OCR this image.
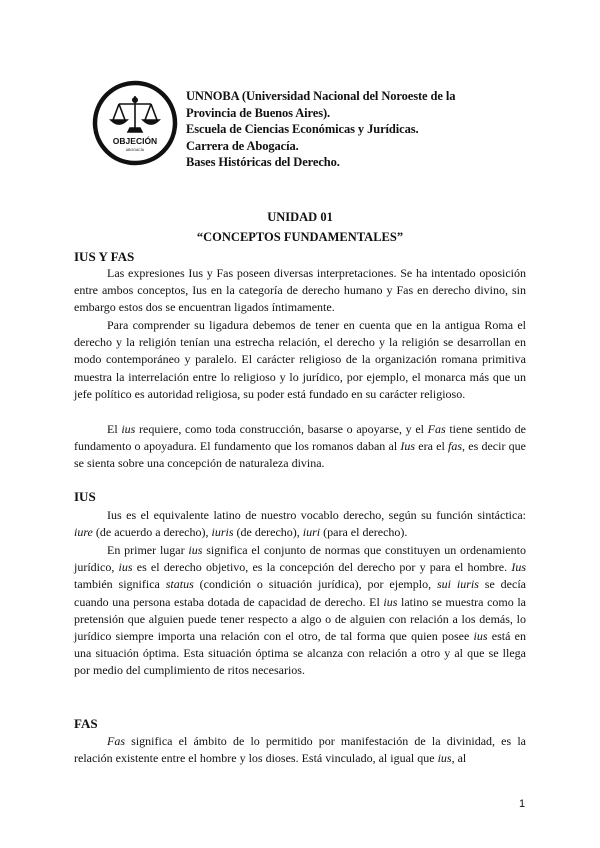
OBJECIÓN
ABOGACÍA
UNNOBA (Universidad Nacional del Noroeste de la
Provincia de Buenos Aires).
Escuela de Ciencias Económicas y Jurídicas.
Carrera de Abogacía.
Bases Históricas del Derecho.
UNIDAD 01
“CONCEPTOS FUNDAMENTALES”
IUS Y FAS
Las expresiones Ius y Fas poseen diversas interpretaciones. Se ha intentado oposición entre ambos conceptos, Ius en la categoría de derecho humano y Fas en derecho divino, sin embargo estos dos se encuentran ligados íntimamente.
Para comprender su ligadura debemos de tener en cuenta que en la antigua Roma el derecho y la religión tenían una estrecha relación, el derecho y la religión se desarrollan en modo contemporáneo y paralelo. El carácter religioso de la organización romana primitiva muestra la interrelación entre lo religioso y lo jurídico, por ejemplo, el monarca más que un jefe político es autoridad religiosa, su poder está fundado en su carácter religioso.
El ius requiere, como toda construcción, basarse o apoyarse, y el Fas tiene sentido de fundamento o apoyadura. El fundamento que los romanos daban al Ius era el fas, es decir que se sienta sobre una concepción de naturaleza divina.
IUS
Ius es el equivalente latino de nuestro vocablo derecho, según su función sintáctica: iure (de acuerdo a derecho), iuris (de derecho), iuri (para el derecho).
En primer lugar ius significa el conjunto de normas que constituyen un ordenamiento jurídico, ius es el derecho objetivo, es la concepción del derecho por y para el hombre. Ius también significa status (condición o situación jurídica), por ejemplo, sui iuris se decía cuando una persona estaba dotada de capacidad de derecho. El ius latino se muestra como la pretensión que alguien puede tener respecto a algo o de alguien con relación a los demás, lo jurídico siempre importa una relación con el otro, de tal forma que quien posee ius está en una situación óptima. Esta situación óptima se alcanza con relación a otro y al que se llega por medio del cumplimiento de ritos necesarios.
FAS
Fas significa el ámbito de lo permitido por manifestación de la divinidad, es la relación existente entre el hombre y los dioses. Está vinculado, al igual que ius, al
1
